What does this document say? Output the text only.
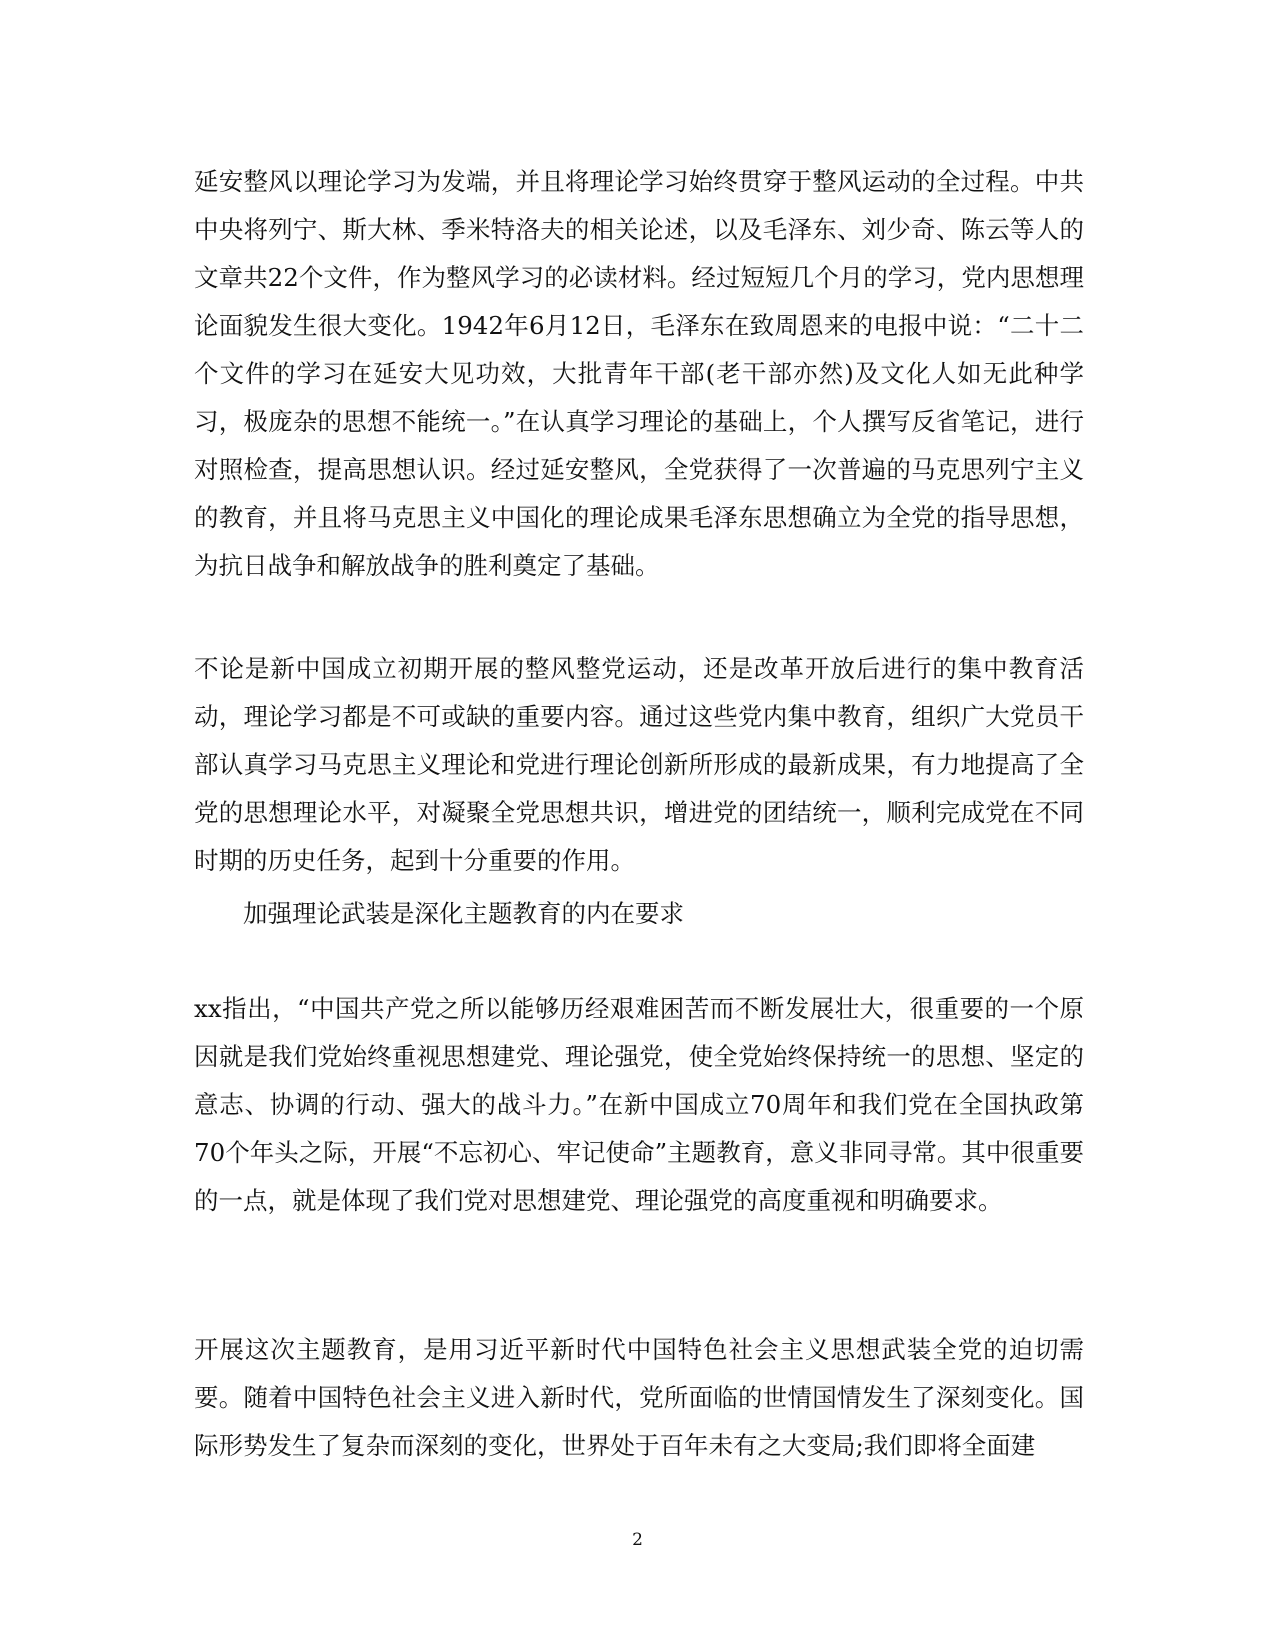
延安整风以理论学习为发端，并且将理论学习始终贯穿于整风运动的全过程。中共中央将列宁、斯大林、季米特洛夫的相关论述，以及毛泽东、刘少奇、陈云等人的文章共22个文件，作为整风学习的必读材料。经过短短几个月的学习，党内思想理论面貌发生很大变化。1942年6月12日，毛泽东在致周恩来的电报中说：“二十二个文件的学习在延安大见功效，大批青年干部(老干部亦然)及文化人如无此种学习，极庞杂的思想不能统一。”在认真学习理论的基础上，个人撰写反省笔记，进行对照检查，提高思想认识。经过延安整风，全党获得了一次普遍的马克思列宁主义的教育，并且将马克思主义中国化的理论成果毛泽东思想确立为全党的指导思想，为抗日战争和解放战争的胜利奠定了基础。

不论是新中国成立初期开展的整风整党运动，还是改革开放后进行的集中教育活动，理论学习都是不可或缺的重要内容。通过这些党内集中教育，组织广大党员干部认真学习马克思主义理论和党进行理论创新所形成的最新成果，有力地提高了全党的思想理论水平，对凝聚全党思想共识，增进党的团结统一，顺利完成党在不同时期的历史任务，起到十分重要的作用。

加强理论武装是深化主题教育的内在要求

xx指出，“中国共产党之所以能够历经艰难困苦而不断发展壮大，很重要的一个原因就是我们党始终重视思想建党、理论强党，使全党始终保持统一的思想、坚定的意志、协调的行动、强大的战斗力。”在新中国成立70周年和我们党在全国执政第70个年头之际，开展“不忘初心、牢记使命”主题教育，意义非同寻常。其中很重要的一点，就是体现了我们党对思想建党、理论强党的高度重视和明确要求。

开展这次主题教育，是用习近平新时代中国特色社会主义思想武装全党的迫切需要。随着中国特色社会主义进入新时代，党所面临的世情国情发生了深刻变化。国际形势发生了复杂而深刻的变化，世界处于百年未有之大变局;我们即将全面建

2
